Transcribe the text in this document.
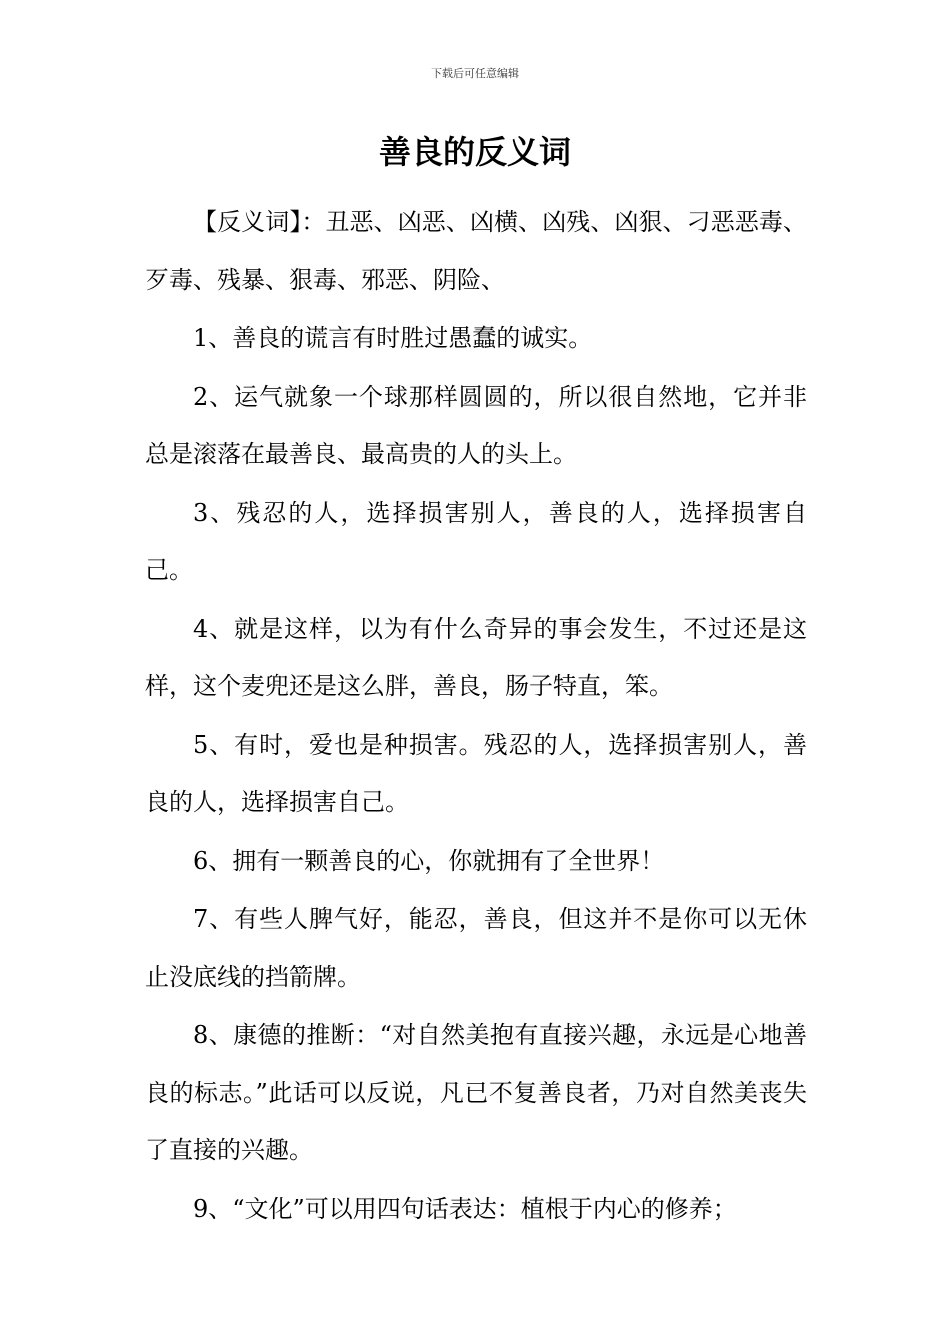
下载后可任意编辑
善良的反义词

【反义词】：丑恶、凶恶、凶横、凶残、凶狠、刁恶恶毒、歹毒、残暴、狠毒、邪恶、阴险、

1、善良的谎言有时胜过愚蠢的诚实。

2、运气就象一个球那样圆圆的，所以很自然地，它并非总是滚落在最善良、最高贵的人的头上。

3、残忍的人，选择损害别人，善良的人，选择损害自己。

4、就是这样，以为有什么奇异的事会发生，不过还是这样，这个麦兜还是这么胖，善良，肠子特直，笨。

5、有时，爱也是种损害。残忍的人，选择损害别人，善良的人，选择损害自己。

6、拥有一颗善良的心，你就拥有了全世界！

7、有些人脾气好，能忍，善良，但这并不是你可以无休止没底线的挡箭牌。

8、康德的推断：“对自然美抱有直接兴趣，永远是心地善良的标志。”此话可以反说，凡已不复善良者，乃对自然美丧失了直接的兴趣。

9、“文化”可以用四句话表达：植根于内心的修养；
